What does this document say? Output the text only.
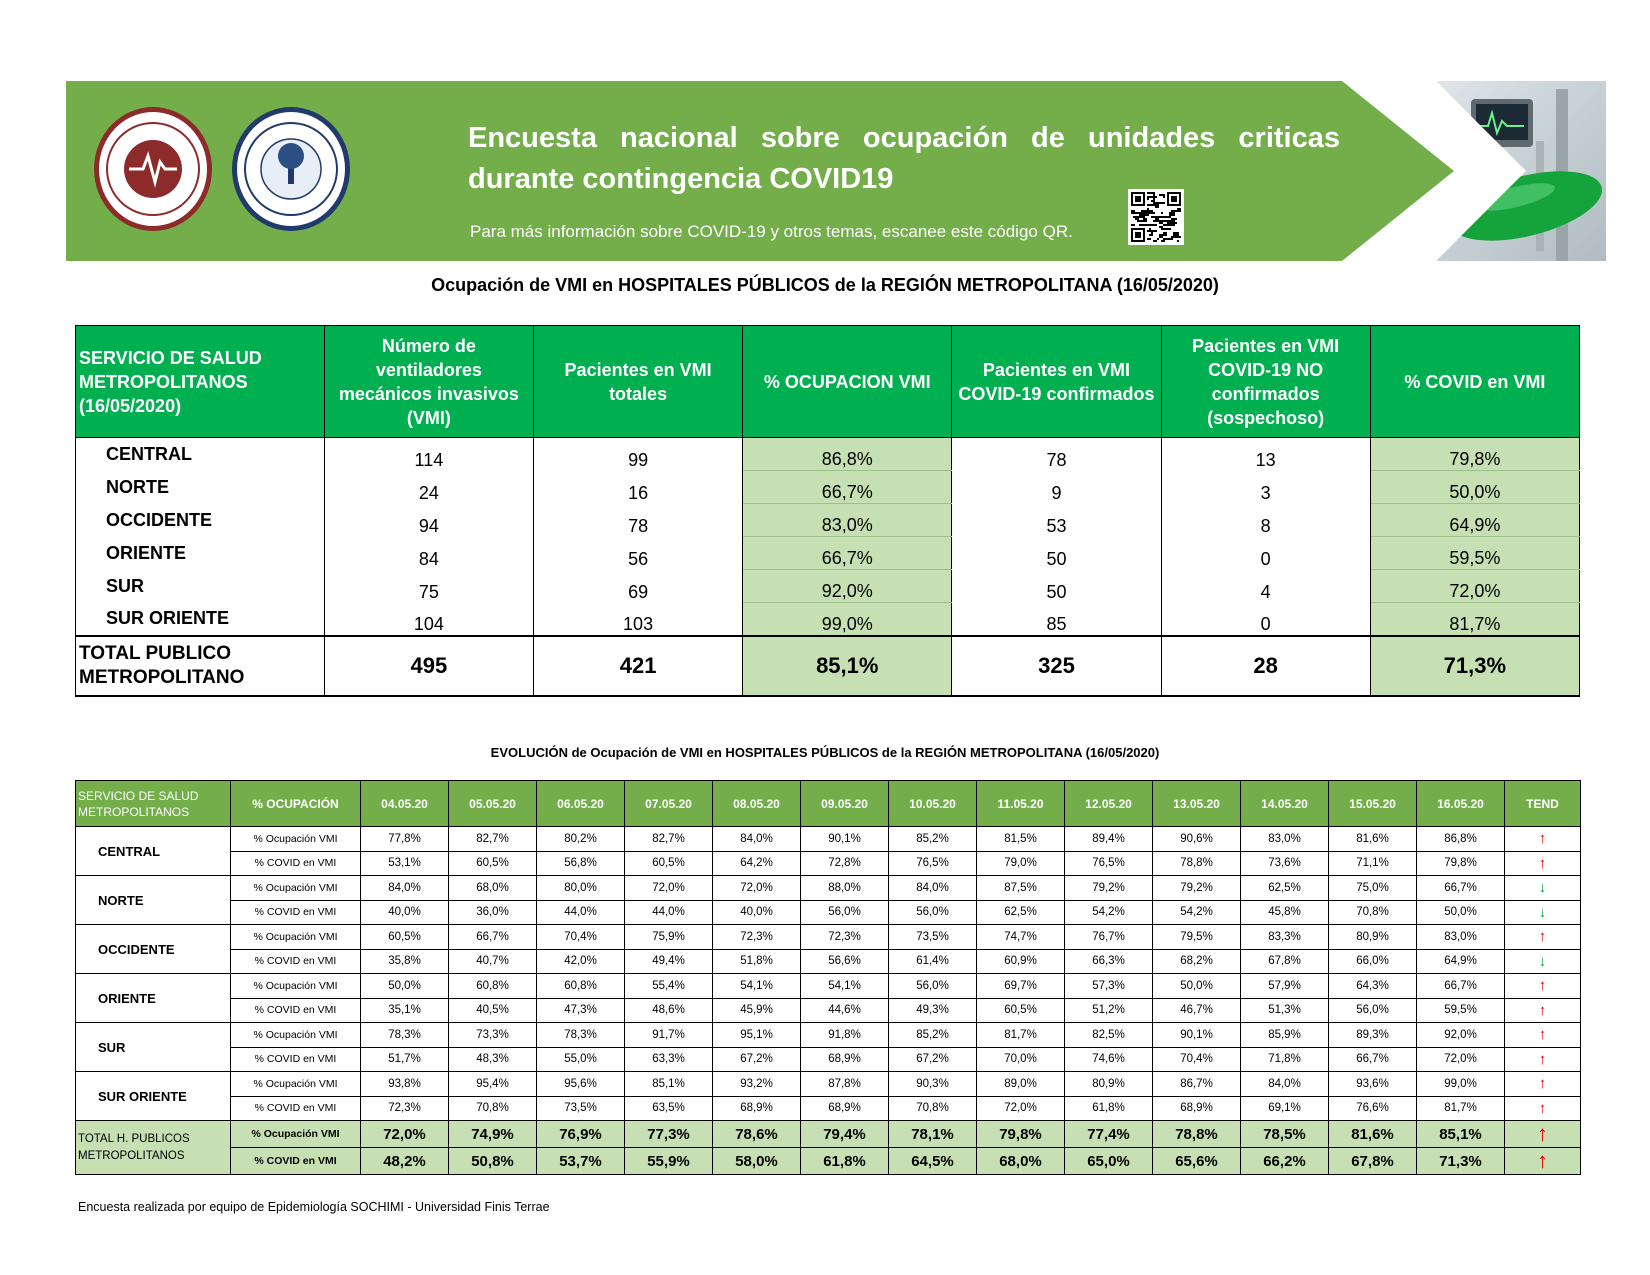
Encuesta nacional sobre ocupación de unidades criticas durante contingencia COVID19
Para más información sobre COVID-19 y otros temas, escanee este código QR.
Ocupación de VMI en HOSPITALES PÚBLICOS de la REGIÓN METROPOLITANA (16/05/2020)
SERVICIO DE SALUD METROPOLITANOS (16/05/2020)	Número de ventiladores mecánicos invasivos (VMI)	Pacientes en VMI totales	% OCUPACION VMI	Pacientes en VMI COVID-19 confirmados	Pacientes en VMI COVID-19 NO confirmados (sospechoso)	% COVID en VMI
CENTRAL	114	99	86,8%	78	13	79,8%
NORTE	24	16	66,7%	9	3	50,0%
OCCIDENTE	94	78	83,0%	53	8	64,9%
ORIENTE	84	56	66,7%	50	0	59,5%
SUR	75	69	92,0%	50	4	72,0%
SUR ORIENTE	104	103	99,0%	85	0	81,7%
TOTAL PUBLICO METROPOLITANO	495	421	85,1%	325	28	71,3%
EVOLUCIÓN de Ocupación de VMI en HOSPITALES PÚBLICOS de la REGIÓN METROPOLITANA (16/05/2020)
SERVICIO DE SALUD METROPOLITANOS	% OCUPACIÓN	04.05.20	05.05.20	06.05.20	07.05.20	08.05.20	09.05.20	10.05.20	11.05.20	12.05.20	13.05.20	14.05.20	15.05.20	16.05.20	TEND
CENTRAL	% Ocupación VMI	77,8%	82,7%	80,2%	82,7%	84,0%	90,1%	85,2%	81,5%	89,4%	90,6%	83,0%	81,6%	86,8%	↑
	% COVID en VMI	53,1%	60,5%	56,8%	60,5%	64,2%	72,8%	76,5%	79,0%	76,5%	78,8%	73,6%	71,1%	79,8%	↑
NORTE	% Ocupación VMI	84,0%	68,0%	80,0%	72,0%	72,0%	88,0%	84,0%	87,5%	79,2%	79,2%	62,5%	75,0%	66,7%	↓
	% COVID en VMI	40,0%	36,0%	44,0%	44,0%	40,0%	56,0%	56,0%	62,5%	54,2%	54,2%	45,8%	70,8%	50,0%	↓
OCCIDENTE	% Ocupación VMI	60,5%	66,7%	70,4%	75,9%	72,3%	72,3%	73,5%	74,7%	76,7%	79,5%	83,3%	80,9%	83,0%	↑
	% COVID en VMI	35,8%	40,7%	42,0%	49,4%	51,8%	56,6%	61,4%	60,9%	66,3%	68,2%	67,8%	66,0%	64,9%	↓
ORIENTE	% Ocupación VMI	50,0%	60,8%	60,8%	55,4%	54,1%	54,1%	56,0%	69,7%	57,3%	50,0%	57,9%	64,3%	66,7%	↑
	% COVID en VMI	35,1%	40,5%	47,3%	48,6%	45,9%	44,6%	49,3%	60,5%	51,2%	46,7%	51,3%	56,0%	59,5%	↑
SUR	% Ocupación VMI	78,3%	73,3%	78,3%	91,7%	95,1%	91,8%	85,2%	81,7%	82,5%	90,1%	85,9%	89,3%	92,0%	↑
	% COVID en VMI	51,7%	48,3%	55,0%	63,3%	67,2%	68,9%	67,2%	70,0%	74,6%	70,4%	71,8%	66,7%	72,0%	↑
SUR ORIENTE	% Ocupación VMI	93,8%	95,4%	95,6%	85,1%	93,2%	87,8%	90,3%	89,0%	80,9%	86,7%	84,0%	93,6%	99,0%	↑
	% COVID en VMI	72,3%	70,8%	73,5%	63,5%	68,9%	68,9%	70,8%	72,0%	61,8%	68,9%	69,1%	76,6%	81,7%	↑
TOTAL H. PUBLICOS METROPOLITANOS	% Ocupación VMI	72,0%	74,9%	76,9%	77,3%	78,6%	79,4%	78,1%	79,8%	77,4%	78,8%	78,5%	81,6%	85,1%	↑
	% COVID en VMI	48,2%	50,8%	53,7%	55,9%	58,0%	61,8%	64,5%	68,0%	65,0%	65,6%	66,2%	67,8%	71,3%	↑
Encuesta realizada por equipo de Epidemiología SOCHIMI - Universidad Finis Terrae
